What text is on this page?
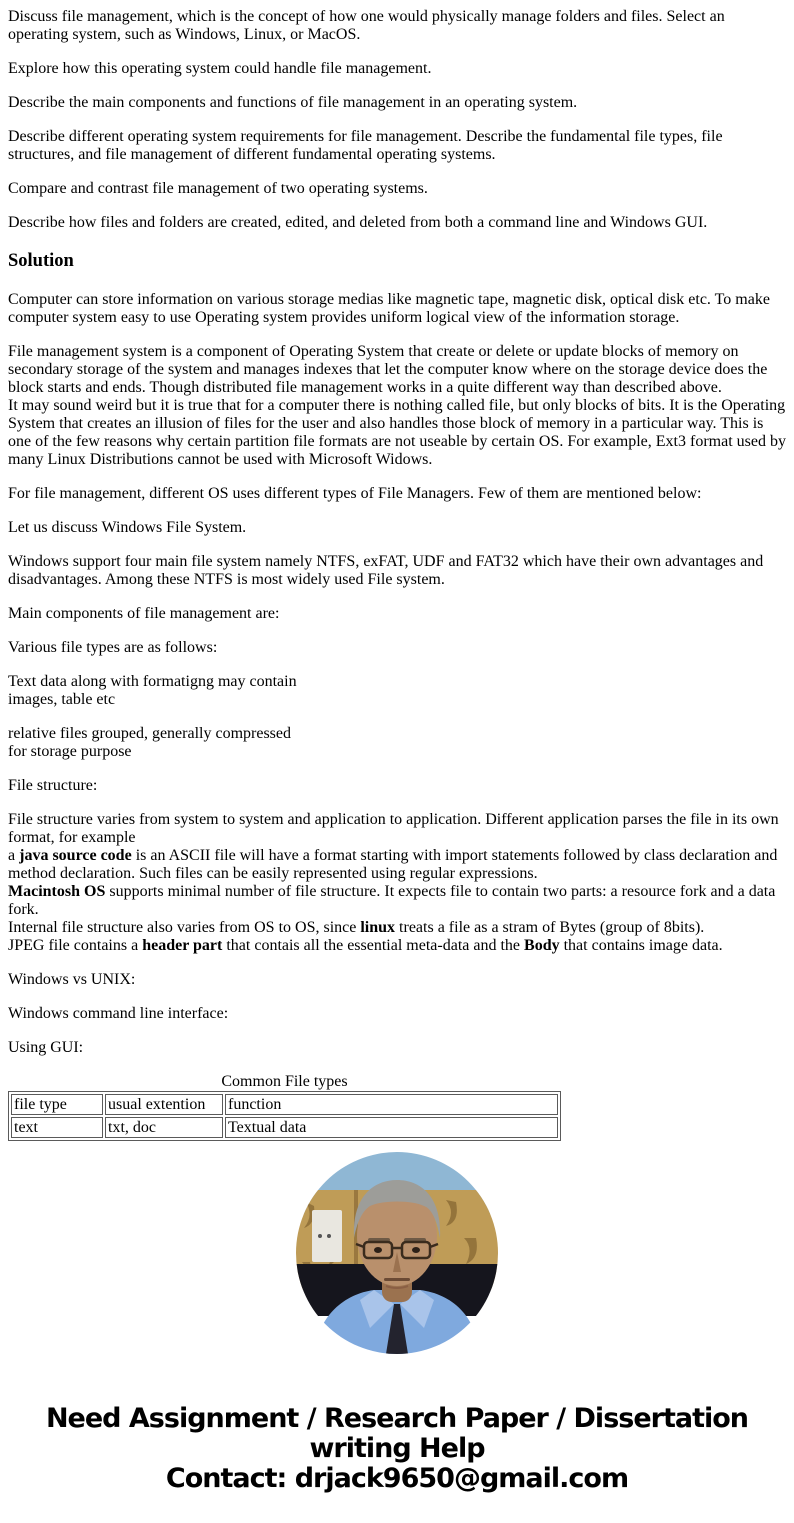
Discuss file management, which is the concept of how one would physically manage folders and files. Select an operating system, such as Windows, Linux, or MacOS.

Explore how this operating system could handle file management.

Describe the main components and functions of file management in an operating system.

Describe different operating system requirements for file management. Describe the fundamental file types, file structures, and file management of different fundamental operating systems.

Compare and contrast file management of two operating systems.

Describe how files and folders are created, edited, and deleted from both a command line and Windows GUI.

Solution

Computer can store information on various storage medias like magnetic tape, magnetic disk, optical disk etc. To make computer system easy to use Operating system provides uniform logical view of the information storage.

File management system is a component of Operating System that create or delete or update blocks of memory on secondary storage of the system and manages indexes that let the computer know where on the storage device does the block starts and ends. Though distributed file management works in a quite different way than described above.
It may sound weird but it is true that for a computer there is nothing called file, but only blocks of bits. It is the Operating System that creates an illusion of files for the user and also handles those block of memory in a particular way. This is one of the few reasons why certain partition file formats are not useable by certain OS. For example, Ext3 format used by many Linux Distributions cannot be used with Microsoft Widows.

For file management, different OS uses different types of File Managers. Few of them are mentioned below:

Let us discuss Windows File System.

Windows support four main file system namely NTFS, exFAT, UDF and FAT32 which have their own advantages and disadvantages. Among these NTFS is most widely used File system.

Main components of file management are:

Various file types are as follows:

Text data along with formatigng may contain
images, table etc

relative files grouped, generally compressed
for storage purpose

File structure:

File structure varies from system to system and application to application. Different application parses the file in its own format, for example
a java source code is an ASCII file will have a format starting with import statements followed by class declaration and method declaration. Such files can be easily represented using regular expressions.
Macintosh OS supports minimal number of file structure. It expects file to contain two parts: a resource fork and a data fork.
Internal file structure also varies from OS to OS, since linux treats a file as a stram of Bytes (group of 8bits).
JPEG file contains a header part that contais all the essential meta-data and the Body that contains image data.

Windows vs UNIX:

Windows command line interface:

Using GUI:

Common File types
file type	usual extention	function
text	txt, doc	Textual data
Need Assignment / Research Paper / Dissertation
writing Help
Contact: drjack9650@gmail.com
